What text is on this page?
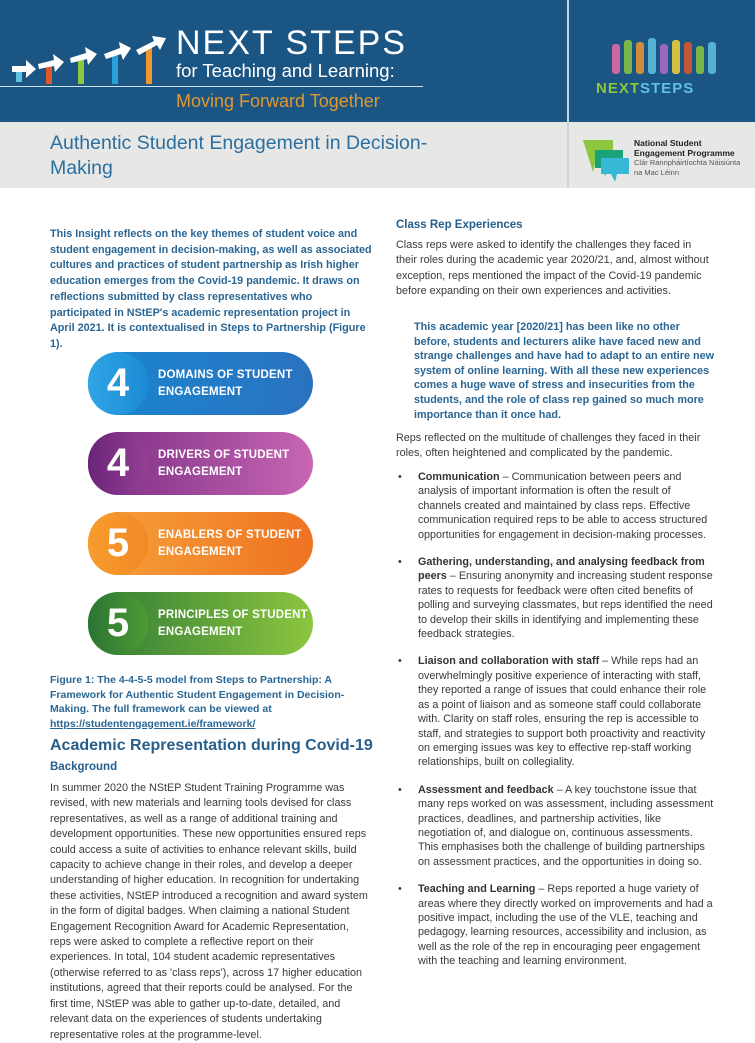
NEXT STEPS
for Teaching and Learning:
Moving Forward Together
NEXTSTEPS
Authentic Student Engagement in Decision-Making
National Student Engagement Programme
Clár Rannpháirtíochta Náisiúnta na Mac Léinn

This Insight reflects on the key themes of student voice and student engagement in decision-making, as well as associated cultures and practices of student partnership as Irish higher education emerges from the Covid-19 pandemic. It draws on reflections submitted by class representatives who participated in NStEP's academic representation project in April 2021. It is contextualised in Steps to Partnership (Figure 1).

4	DOMAINS OF STUDENT ENGAGEMENT
4	DRIVERS OF STUDENT ENGAGEMENT
5	ENABLERS OF STUDENT ENGAGEMENT
5	PRINCIPLES OF STUDENT ENGAGEMENT
Figure 1: The 4-4-5-5 model from Steps to Partnership: A Framework for Authentic Student Engagement in Decision-Making. The full framework can be viewed at
https://studentengagement.ie/framework/
Academic Representation during Covid-19
Background

In summer 2020 the NStEP Student Training Programme was revised, with new materials and learning tools devised for class representatives, as well as a range of additional training and development opportunities. These new opportunities ensured reps could access a suite of activities to enhance relevant skills, build capacity to achieve change in their roles, and develop a deeper understanding of higher education. In recognition for undertaking these activities, NStEP introduced a recognition and award system in the form of digital badges. When claiming a national Student Engagement Recognition Award for Academic Representation, reps were asked to complete a reflective report on their experiences. In total, 104 student academic representatives (otherwise referred to as 'class reps'), across 17 higher education institutions, agreed that their reports could be analysed. For the first time, NStEP was able to gather up-to-date, detailed, and relevant data on the experiences of students undertaking representative roles at the programme-level.

Class Rep Experiences

Class reps were asked to identify the challenges they faced in their roles during the academic year 2020/21, and, almost without exception, reps mentioned the impact of the Covid-19 pandemic before expanding on their own experiences and activities.

This academic year [2020/21] has been like no other before, students and lecturers alike have faced new and strange challenges and have had to adapt to an entire new system of online learning. With all these new experiences comes a huge wave of stress and insecurities from the students, and the role of class rep gained so much more importance than it once had.

Reps reflected on the multitude of challenges they faced in their roles, often heightened and complicated by the pandemic.

• Communication – Communication between peers and analysis of important information is often the result of channels created and maintained by class reps. Effective communication required reps to be able to access structured opportunities for engagement in decision-making processes.
• Gathering, understanding, and analysing feedback from peers – Ensuring anonymity and increasing student response rates to requests for feedback were often cited benefits of polling and surveying classmates, but reps identified the need to develop their skills in identifying and implementing these feedback strategies.
• Liaison and collaboration with staff – While reps had an overwhelmingly positive experience of interacting with staff, they reported a range of issues that could enhance their role as a point of liaison and as someone staff could collaborate with. Clarity on staff roles, ensuring the rep is accessible to staff, and strategies to support both proactivity and reactivity on emerging issues was key to effective rep-staff working relationships, built on collegiality.
• Assessment and feedback – A key touchstone issue that many reps worked on was assessment, including assessment practices, deadlines, and partnership activities, like negotiation of, and dialogue on, continuous assessments. This emphasises both the challenge of building partnerships on assessment practices, and the opportunities in doing so.
• Teaching and Learning – Reps reported a huge variety of areas where they directly worked on improvements and had a positive impact, including the use of the VLE, teaching and pedagogy, learning resources, accessibility and inclusion, as well as the role of the rep in encouraging peer engagement with the teaching and learning environment.
